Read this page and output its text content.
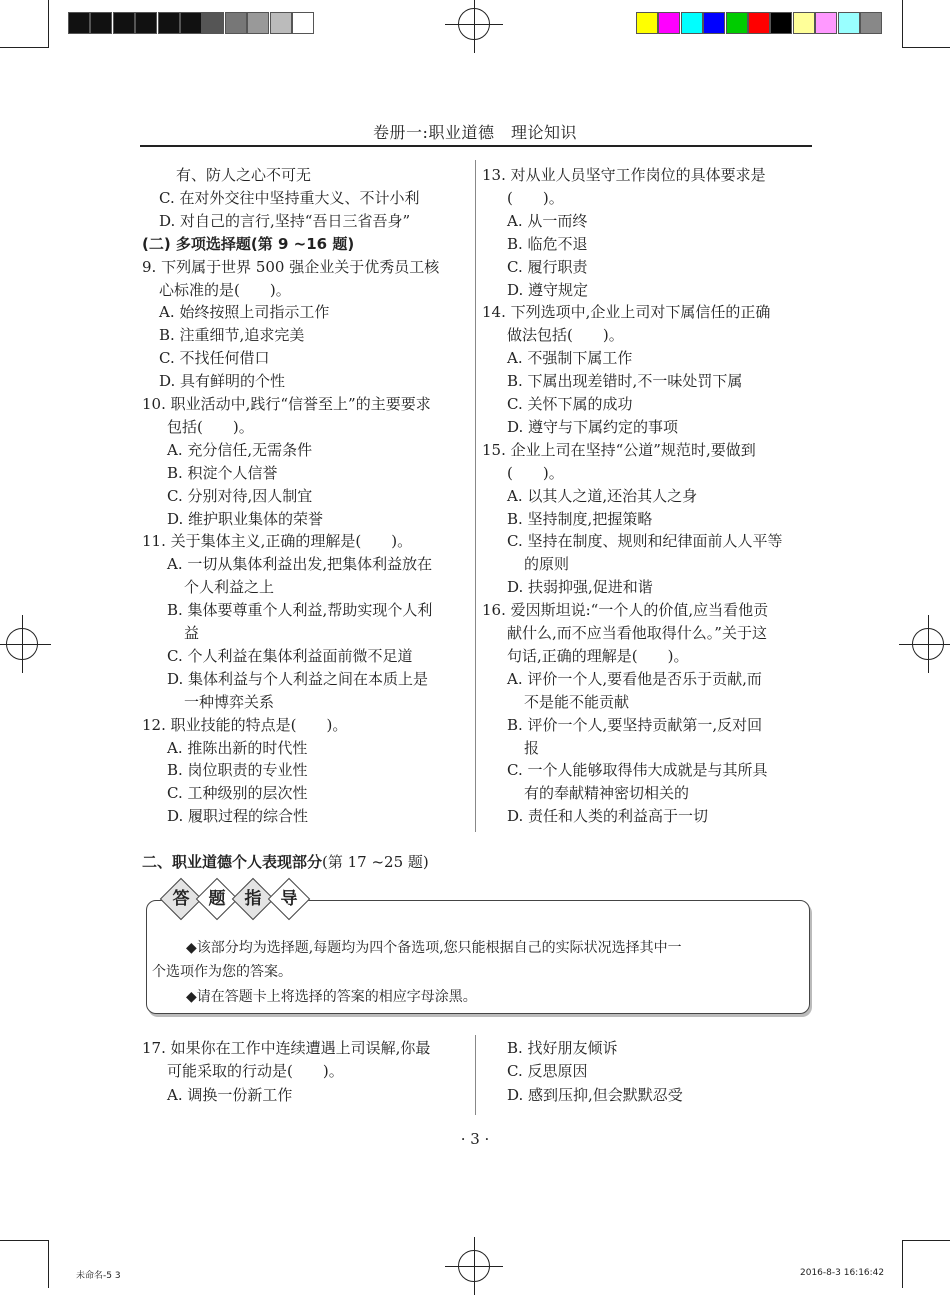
卷册一:职业道德　理论知识
有、防人之心不可无
C. 在对外交往中坚持重大义、不计小利
D. 对自己的言行,坚持“吾日三省吾身”
(二) 多项选择题(第 9 ~16 题)
9. 下列属于世界 500 强企业关于优秀员工核
心标准的是(　　)。
A. 始终按照上司指示工作
B. 注重细节,追求完美
C. 不找任何借口
D. 具有鲜明的个性
10. 职业活动中,践行“信誉至上”的主要要求
包括(　　)。
A. 充分信任,无需条件
B. 积淀个人信誉
C. 分别对待,因人制宜
D. 维护职业集体的荣誉
11. 关于集体主义,正确的理解是(　　)。
A. 一切从集体利益出发,把集体利益放在
个人利益之上
B. 集体要尊重个人利益,帮助实现个人利
益
C. 个人利益在集体利益面前微不足道
D. 集体利益与个人利益之间在本质上是
一种博弈关系
12. 职业技能的特点是(　　)。
A. 推陈出新的时代性
B. 岗位职责的专业性
C. 工种级别的层次性
D. 履职过程的综合性
13. 对从业人员坚守工作岗位的具体要求是
(　　)。
A. 从一而终
B. 临危不退
C. 履行职责
D. 遵守规定
14. 下列选项中,企业上司对下属信任的正确
做法包括(　　)。
A. 不强制下属工作
B. 下属出现差错时,不一味处罚下属
C. 关怀下属的成功
D. 遵守与下属约定的事项
15. 企业上司在坚持“公道”规范时,要做到
(　　)。
A. 以其人之道,还治其人之身
B. 坚持制度,把握策略
C. 坚持在制度、规则和纪律面前人人平等
的原则
D. 扶弱抑强,促进和谐
16. 爱因斯坦说:“一个人的价值,应当看他贡
献什么,而不应当看他取得什么。”关于这
句话,正确的理解是(　　)。
A. 评价一个人,要看他是否乐于贡献,而
不是能不能贡献
B. 评价一个人,要坚持贡献第一,反对回
报
C. 一个人能够取得伟大成就是与其所具
有的奉献精神密切相关的
D. 责任和人类的利益高于一切
二、职业道德个人表现部分(第 17 ~25 题)
答	题	指	导
◆该部分均为选择题,每题均为四个备选项,您只能根据自己的实际状况选择其中一
个选项作为您的答案。
◆请在答题卡上将选择的答案的相应字母涂黑。
17. 如果你在工作中连续遭遇上司误解,你最
可能采取的行动是(　　)。
A. 调换一份新工作
B. 找好朋友倾诉
C. 反思原因
D. 感到压抑,但会默默忍受
· 3 ·
未命名-5 3	2016-8-3 16:16:42
